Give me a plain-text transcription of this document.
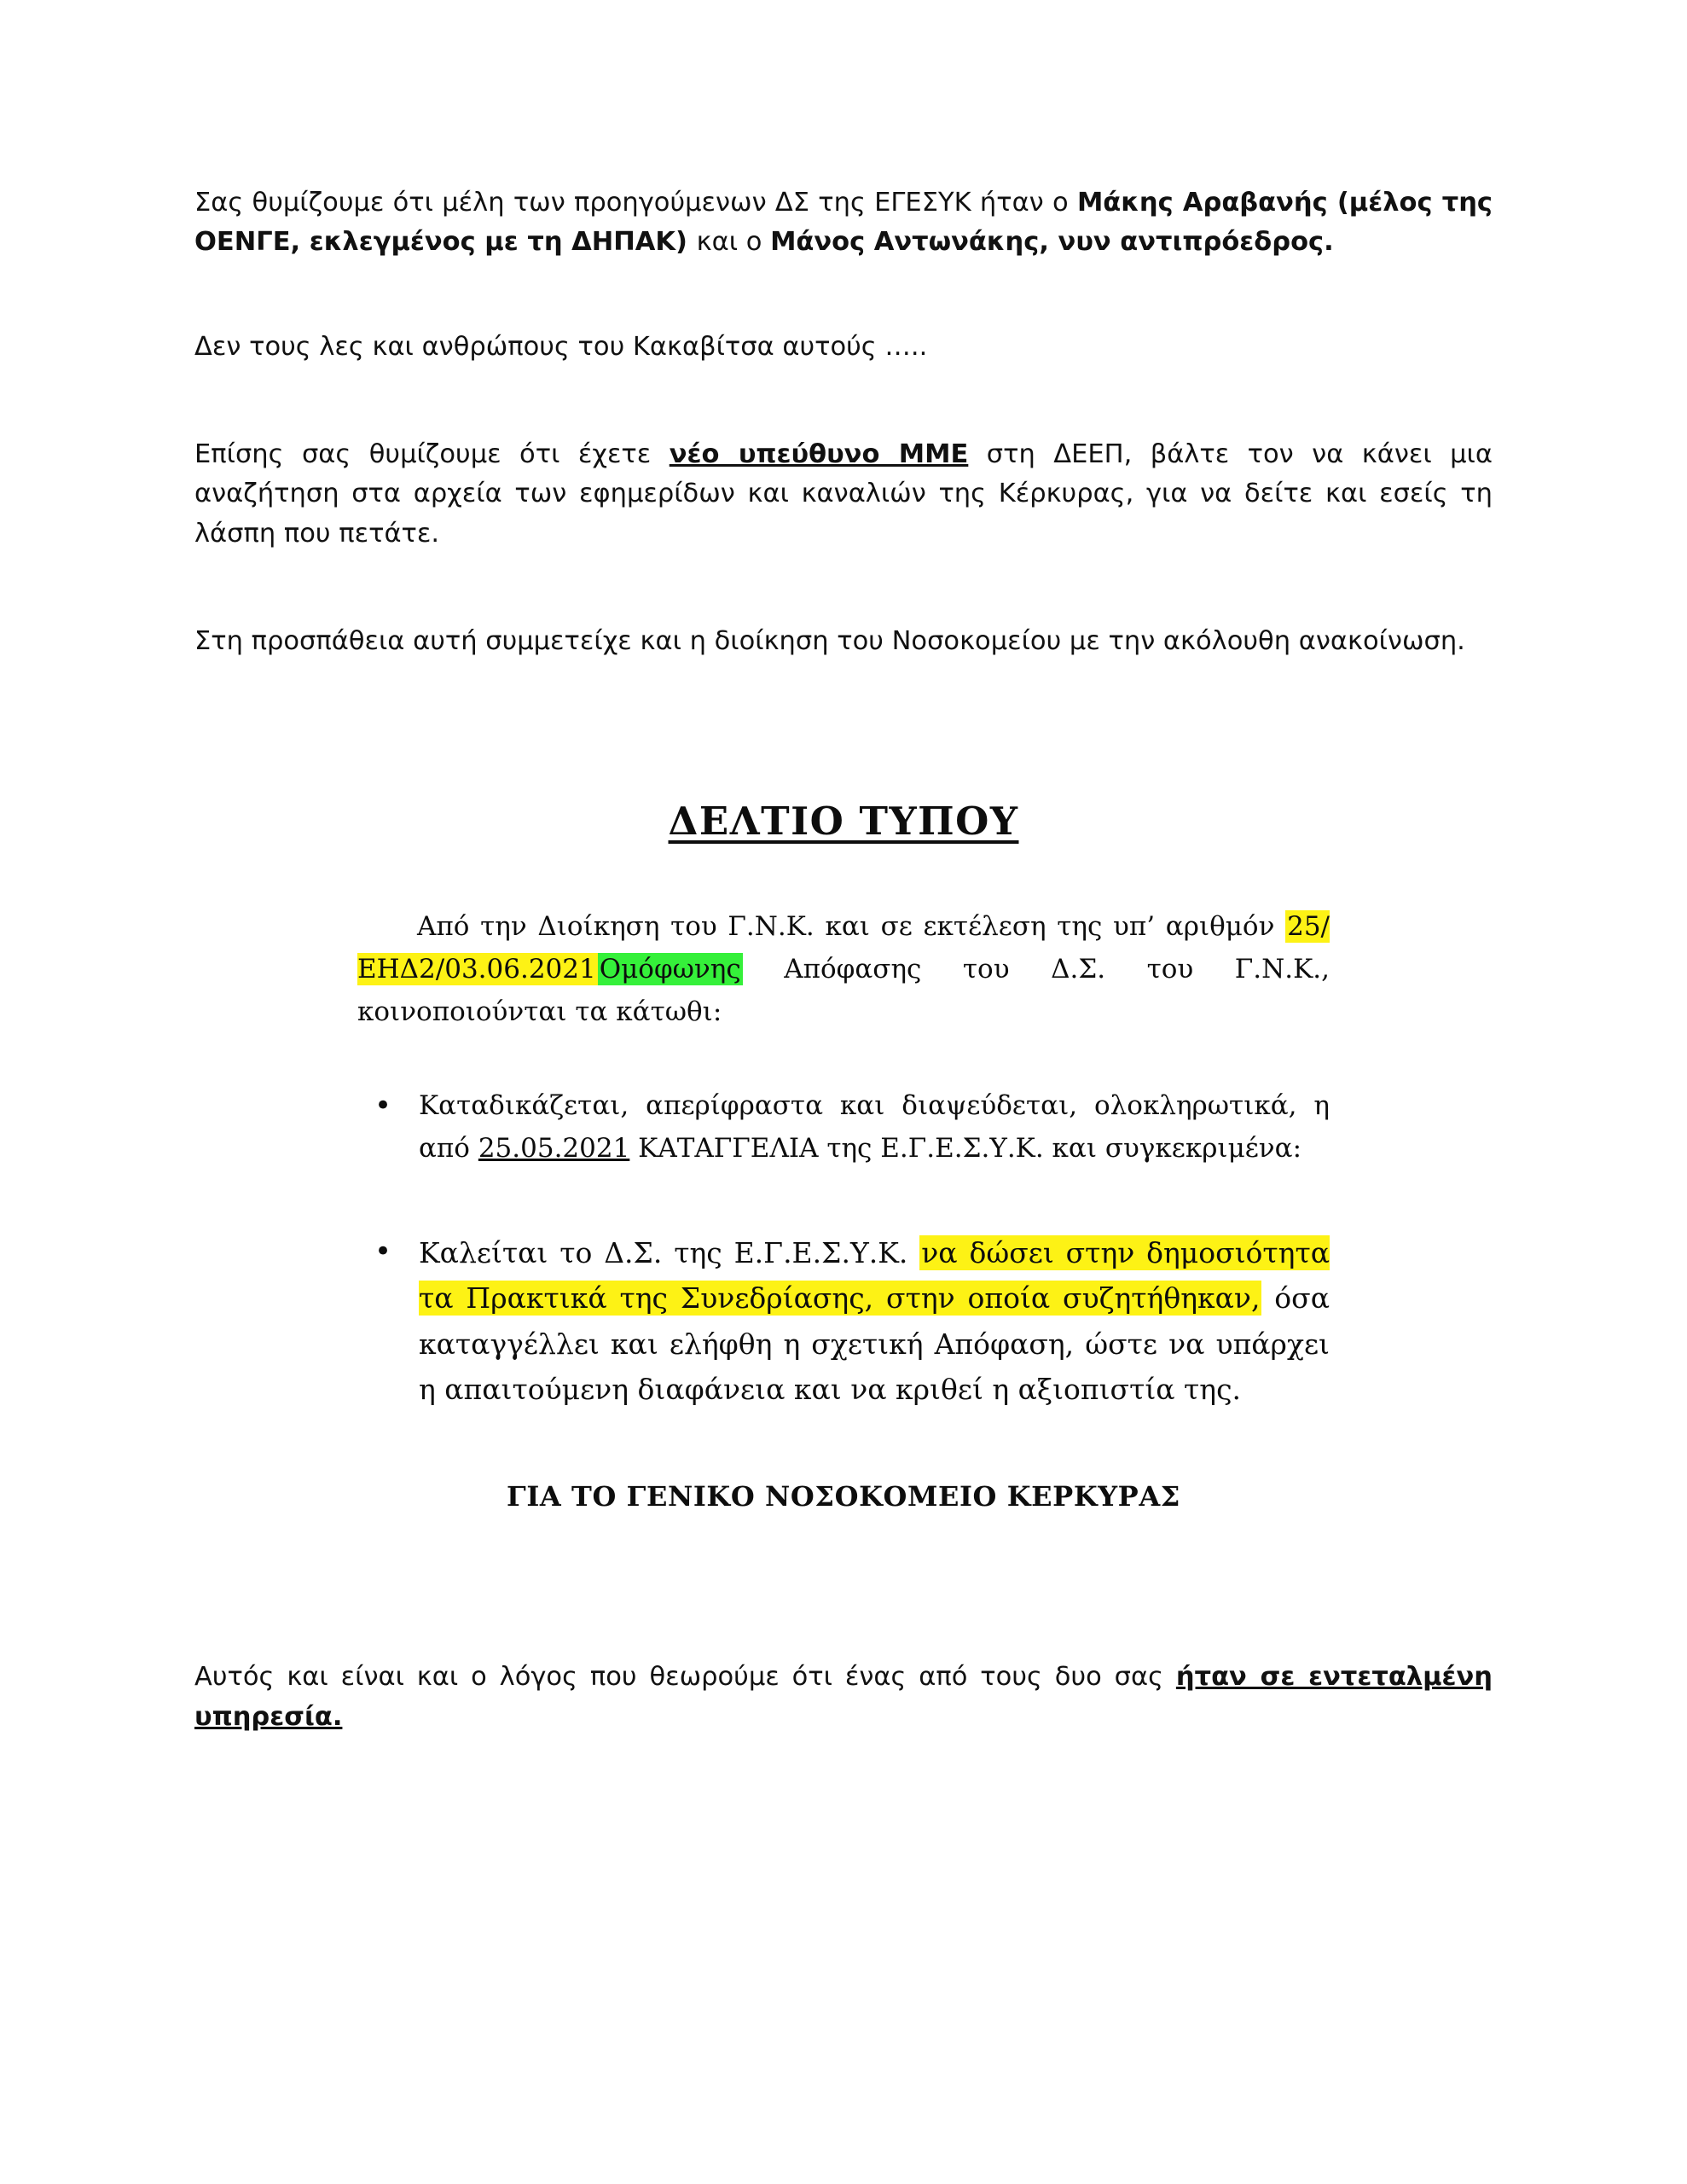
Σας θυμίζουμε ότι μέλη των προηγούμενων ΔΣ της ΕΓΕΣΥΚ ήταν ο Μάκης Αραβανής (μέλος της ΟΕΝΓΕ, εκλεγμένος με τη ΔΗΠΑΚ) και ο Μάνος Αντωνάκης, νυν αντιπρόεδρος.

Δεν τους λες και ανθρώπους του Κακαβίτσα αυτούς …..

Επίσης σας θυμίζουμε ότι έχετε νέο υπεύθυνο ΜΜΕ στη ΔΕΕΠ, βάλτε τον να κάνει μια αναζήτηση στα αρχεία των εφημερίδων και καναλιών της Κέρκυρας, για να δείτε και εσείς τη λάσπη που πετάτε.

Στη προσπάθεια αυτή συμμετείχε και η διοίκηση του Νοσοκομείου με την ακόλουθη ανακοίνωση.

ΔΕΛΤΙΟ ΤΥΠΟΥ

Από την Διοίκηση του Γ.Ν.Κ. και σε εκτέλεση της υπ’ αριθμόν 25/ΕΗΔ2/03.06.2021 Ομόφωνης Απόφασης του Δ.Σ. του Γ.Ν.Κ., κοινοποιούνται τα κάτωθι:

• Καταδικάζεται, απερίφραστα και διαψεύδεται, ολοκληρωτικά, η από 25.05.2021 ΚΑΤΑΓΓΕΛΙΑ της Ε.Γ.Ε.Σ.Υ.Κ. και συγκεκριμένα:
• Καλείται το Δ.Σ. της Ε.Γ.Ε.Σ.Υ.Κ. να δώσει στην δημοσιότητα τα Πρακτικά της Συνεδρίασης, στην οποία συζητήθηκαν, όσα καταγγέλλει και ελήφθη η σχετική Απόφαση, ώστε να υπάρχει η απαιτούμενη διαφάνεια και να κριθεί η αξιοπιστία της.
ΓΙΑ ΤΟ ΓΕΝΙΚΟ ΝΟΣΟΚΟΜΕΙΟ ΚΕΡΚΥΡΑΣ

Αυτός και είναι και ο λόγος που θεωρούμε ότι ένας από τους δυο σας ήταν σε εντεταλμένη υπηρεσία.
